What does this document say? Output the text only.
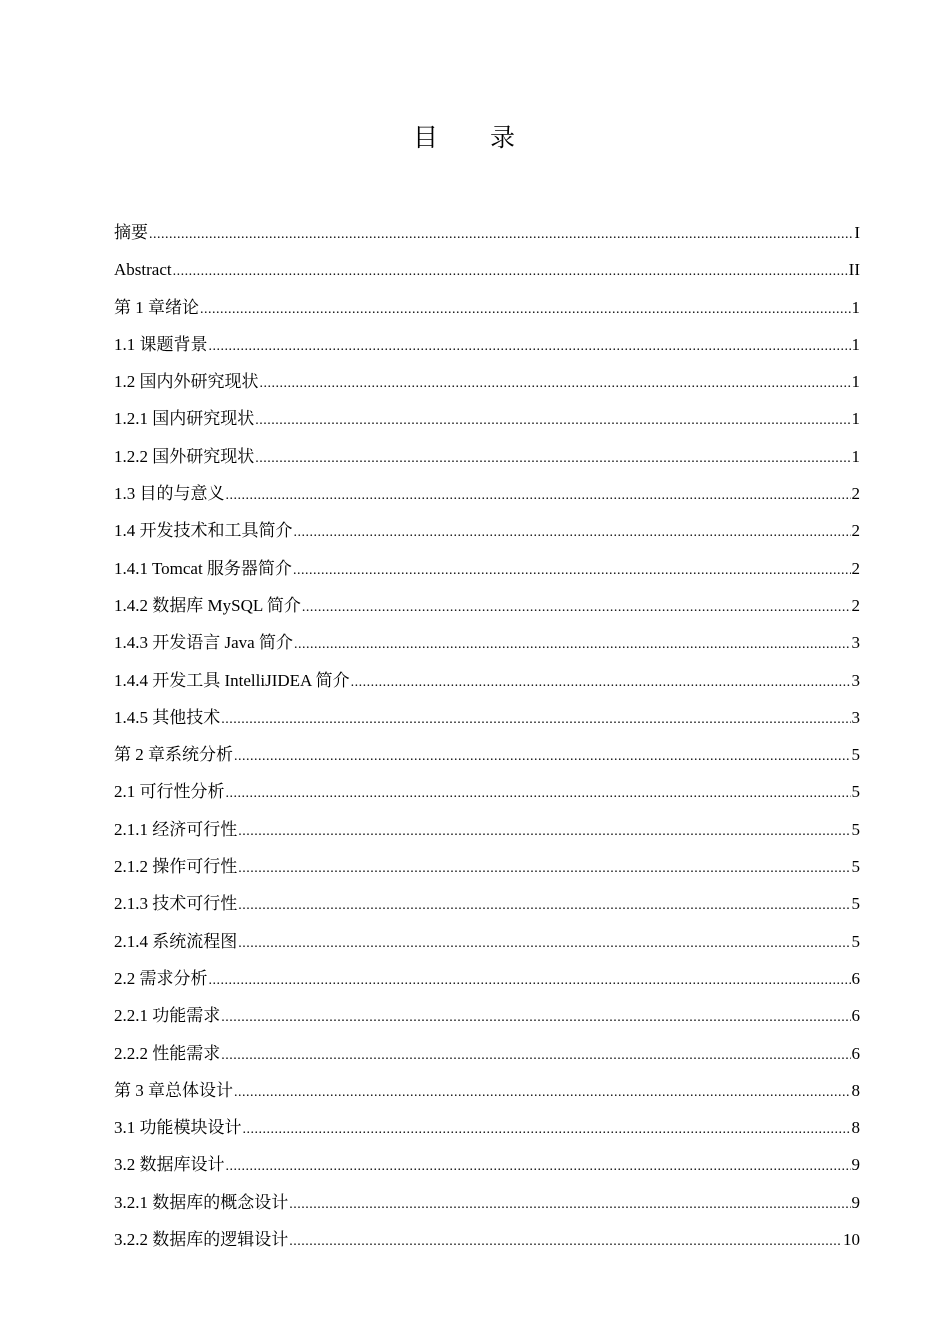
目 录
摘要 .....	I
Abstract .....	II
第 1 章绪论 .....	1
1.1 课题背景 .....	1
1.2 国内外研究现状 .....	1
1.2.1 国内研究现状 .....	1
1.2.2 国外研究现状 .....	1
1.3 目的与意义 .....	2
1.4 开发技术和工具简介 .....	2
1.4.1 Tomcat 服务器简介 .....	2
1.4.2 数据库 MySQL 简介 .....	2
1.4.3 开发语言 Java 简介 .....	3
1.4.4 开发工具 IntelliJIDEA 简介 .....	3
1.4.5 其他技术 .....	3
第 2 章系统分析 .....	5
2.1 可行性分析 .....	5
2.1.1 经济可行性 .....	5
2.1.2 操作可行性 .....	5
2.1.3 技术可行性 .....	5
2.1.4 系统流程图 .....	5
2.2 需求分析 .....	6
2.2.1 功能需求 .....	6
2.2.2 性能需求 .....	6
第 3 章总体设计 .....	8
3.1 功能模块设计 .....	8
3.2 数据库设计 .....	9
3.2.1 数据库的概念设计 .....	9
3.2.2 数据库的逻辑设计 .....	10
